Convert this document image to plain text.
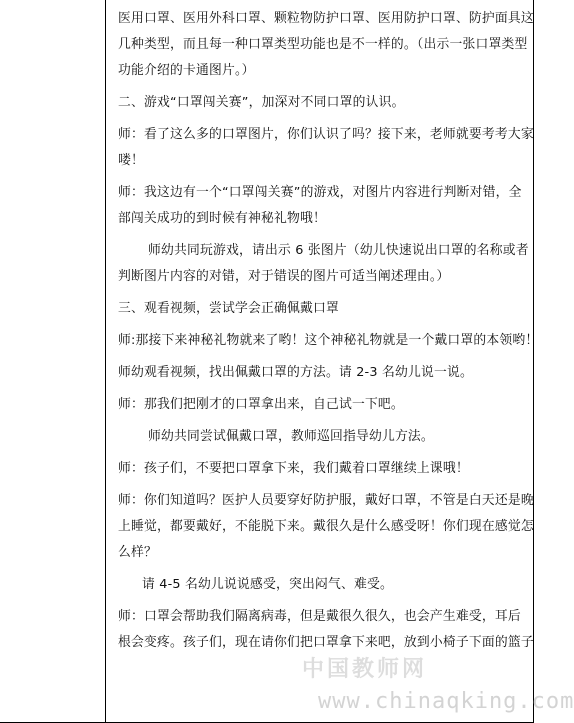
医用口罩、医用外科口罩、颗粒物防护口罩、医用防护口罩、防护面具这
几种类型，而且每一种口罩类型功能也是不一样的。（出示一张口罩类型
功能介绍的卡通图片。）
二、游戏“口罩闯关赛”，加深对不同口罩的认识。
师：看了这么多的口罩图片，你们认识了吗？接下来，老师就要考考大家
喽！
师：我这边有一个“口罩闯关赛”的游戏，对图片内容进行判断对错，全
部闯关成功的到时候有神秘礼物哦！
师幼共同玩游戏，请出示 6 张图片（幼儿快速说出口罩的名称或者
判断图片内容的对错，对于错误的图片可适当阐述理由。）
三、观看视频，尝试学会正确佩戴口罩
师:那接下来神秘礼物就来了哟！这个神秘礼物就是一个戴口罩的本领哟！
师幼观看视频，找出佩戴口罩的方法。请 2-3 名幼儿说一说。
师：那我们把刚才的口罩拿出来，自己试一下吧。
师幼共同尝试佩戴口罩，教师巡回指导幼儿方法。
师：孩子们，不要把口罩拿下来，我们戴着口罩继续上课哦！
师：你们知道吗？医护人员要穿好防护服，戴好口罩，不管是白天还是晚
上睡觉，都要戴好，不能脱下来。戴很久是什么感受呀！你们现在感觉怎
么样？
请 4-5 名幼儿说说感受，突出闷气、难受。
师：口罩会帮助我们隔离病毒，但是戴很久很久，也会产生难受，耳后
根会变疼。孩子们，现在请你们把口罩拿下来吧，放到小椅子下面的篮子
中国教师网
www.chinaqking.com
